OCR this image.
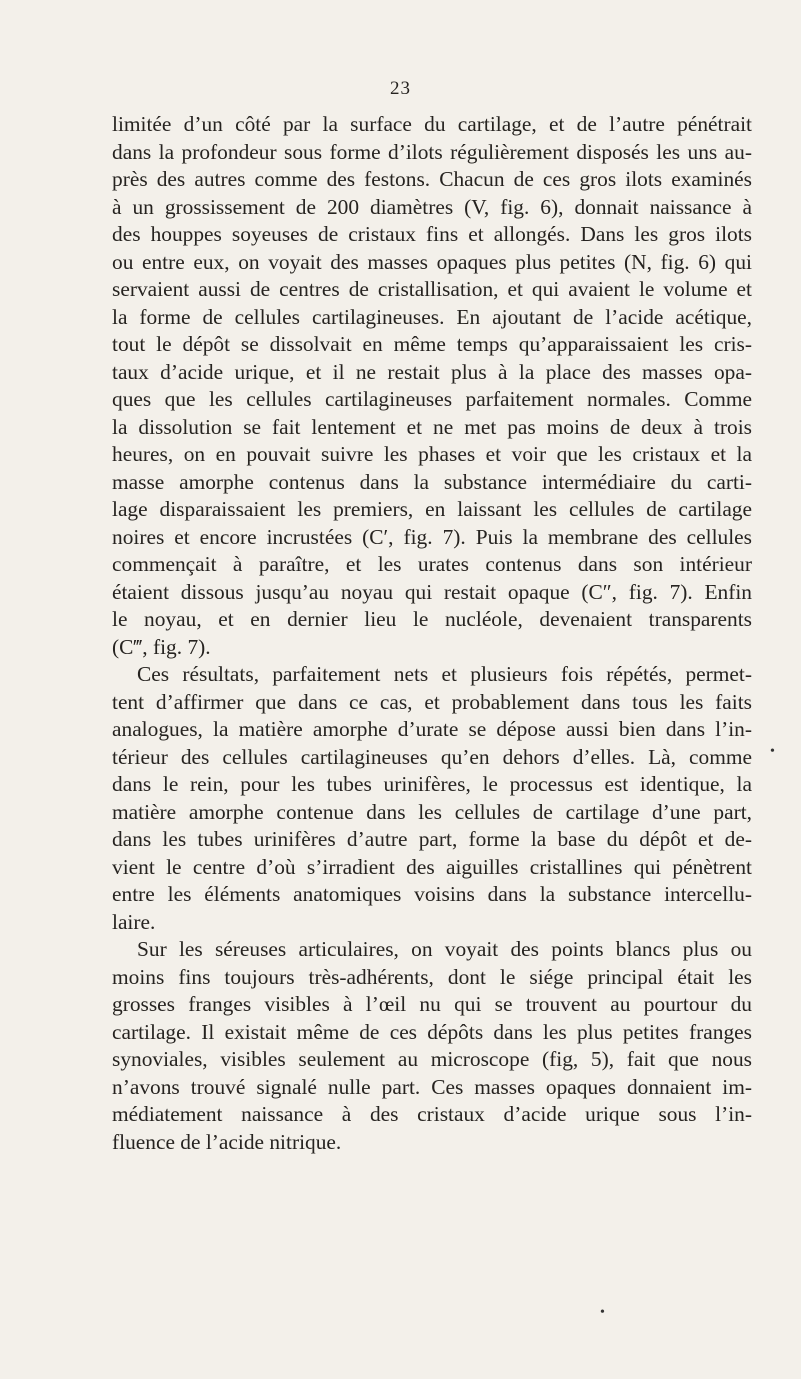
23
limitée d’un côté par la surface du cartilage, et de l’autre pénétrait
dans la profondeur sous forme d’ilots régulièrement disposés les uns au-
près des autres comme des festons. Chacun de ces gros ilots examinés
à un grossissement de 200 diamètres (V, fig. 6), donnait naissance à
des houppes soyeuses de cristaux fins et allongés. Dans les gros ilots
ou entre eux, on voyait des masses opaques plus petites (N, fig. 6) qui
servaient aussi de centres de cristallisation, et qui avaient le volume et
la forme de cellules cartilagineuses. En ajoutant de l’acide acétique,
tout le dépôt se dissolvait en même temps qu’apparaissaient les cris-
taux d’acide urique, et il ne restait plus à la place des masses opa-
ques que les cellules cartilagineuses parfaitement normales. Comme
la dissolution se fait lentement et ne met pas moins de deux à trois
heures, on en pouvait suivre les phases et voir que les cristaux et la
masse amorphe contenus dans la substance intermédiaire du carti-
lage disparaissaient les premiers, en laissant les cellules de cartilage
noires et encore incrustées (C′, fig. 7). Puis la membrane des cellules
commençait à paraître, et les urates contenus dans son intérieur
étaient dissous jusqu’au noyau qui restait opaque (C″, fig. 7). Enfin
le noyau, et en dernier lieu le nucléole, devenaient transparents
(C‴, fig. 7).
Ces résultats, parfaitement nets et plusieurs fois répétés, permet-
tent d’affirmer que dans ce cas, et probablement dans tous les faits
analogues, la matière amorphe d’urate se dépose aussi bien dans l’in-
térieur des cellules cartilagineuses qu’en dehors d’elles. Là, comme
dans le rein, pour les tubes urinifères, le processus est identique, la
matière amorphe contenue dans les cellules de cartilage d’une part,
dans les tubes urinifères d’autre part, forme la base du dépôt et de-
vient le centre d’où s’irradient des aiguilles cristallines qui pénètrent
entre les éléments anatomiques voisins dans la substance intercellu-
laire.
Sur les séreuses articulaires, on voyait des points blancs plus ou
moins fins toujours très-adhérents, dont le siége principal était les
grosses franges visibles à l’œil nu qui se trouvent au pourtour du
cartilage. Il existait même de ces dépôts dans les plus petites franges
synoviales, visibles seulement au microscope (fig, 5), fait que nous
n’avons trouvé signalé nulle part. Ces masses opaques donnaient im-
médiatement naissance à des cristaux d’acide urique sous l’in-
fluence de l’acide nitrique.
•
•
